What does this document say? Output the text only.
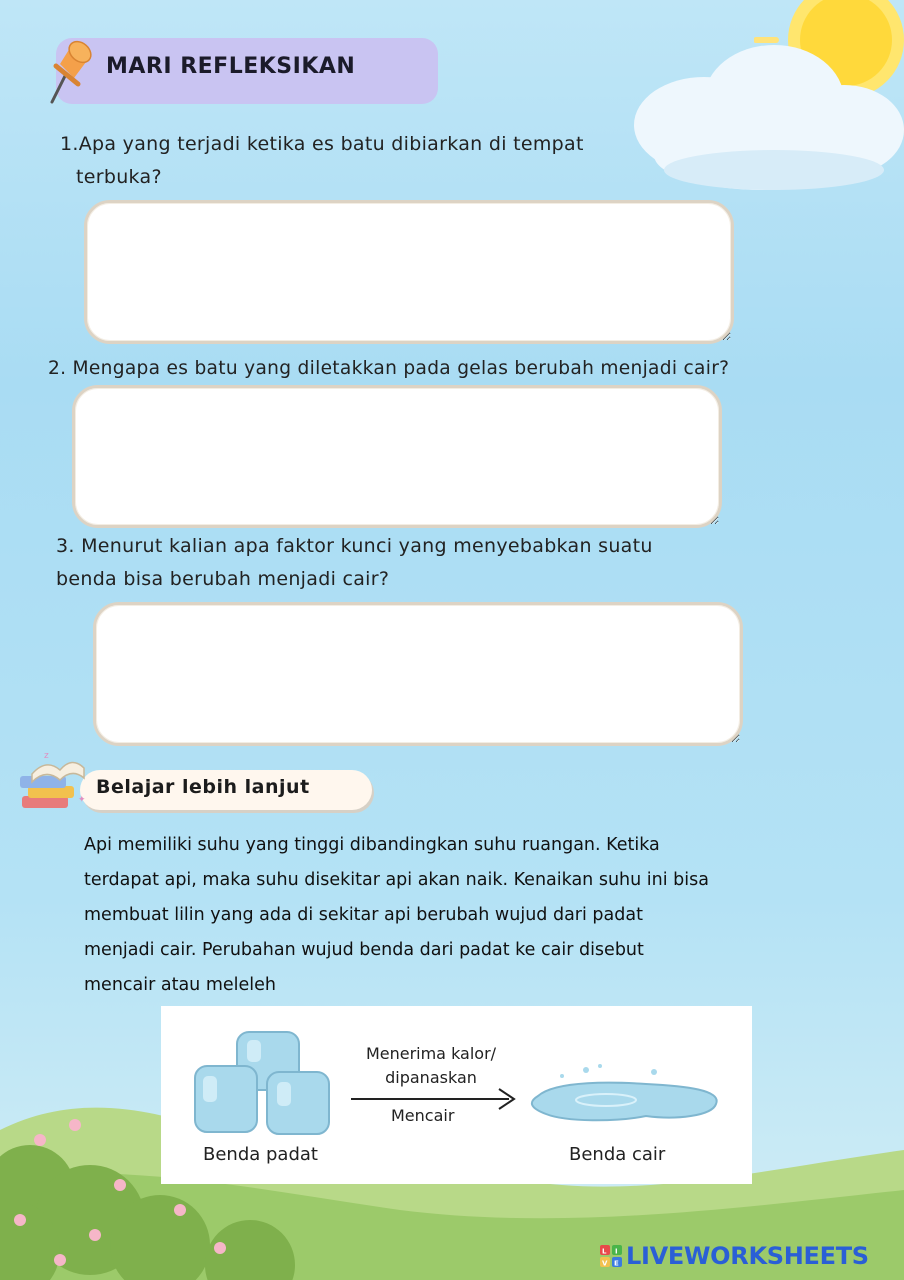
MARI REFLEKSIKAN
1.Apa yang terjadi ketika es batu dibiarkan di tempat
terbuka?
2. Mengapa es batu yang diletakkan pada gelas berubah menjadi cair?
3. Menurut kalian apa faktor kunci yang menyebabkan suatu
benda bisa berubah menjadi cair?
z
✦
Belajar lebih lanjut
Api memiliki suhu yang tinggi dibandingkan suhu ruangan. Ketika
terdapat api, maka suhu disekitar api akan naik. Kenaikan suhu ini bisa
membuat lilin yang ada di sekitar api berubah wujud dari padat
menjadi cair. Perubahan wujud benda dari padat ke cair disebut
mencair atau meleleh
Menerima kalor/
dipanaskan
Mencair
Benda padat	Benda cair
L I
V E LIVEWORKSHEETS
